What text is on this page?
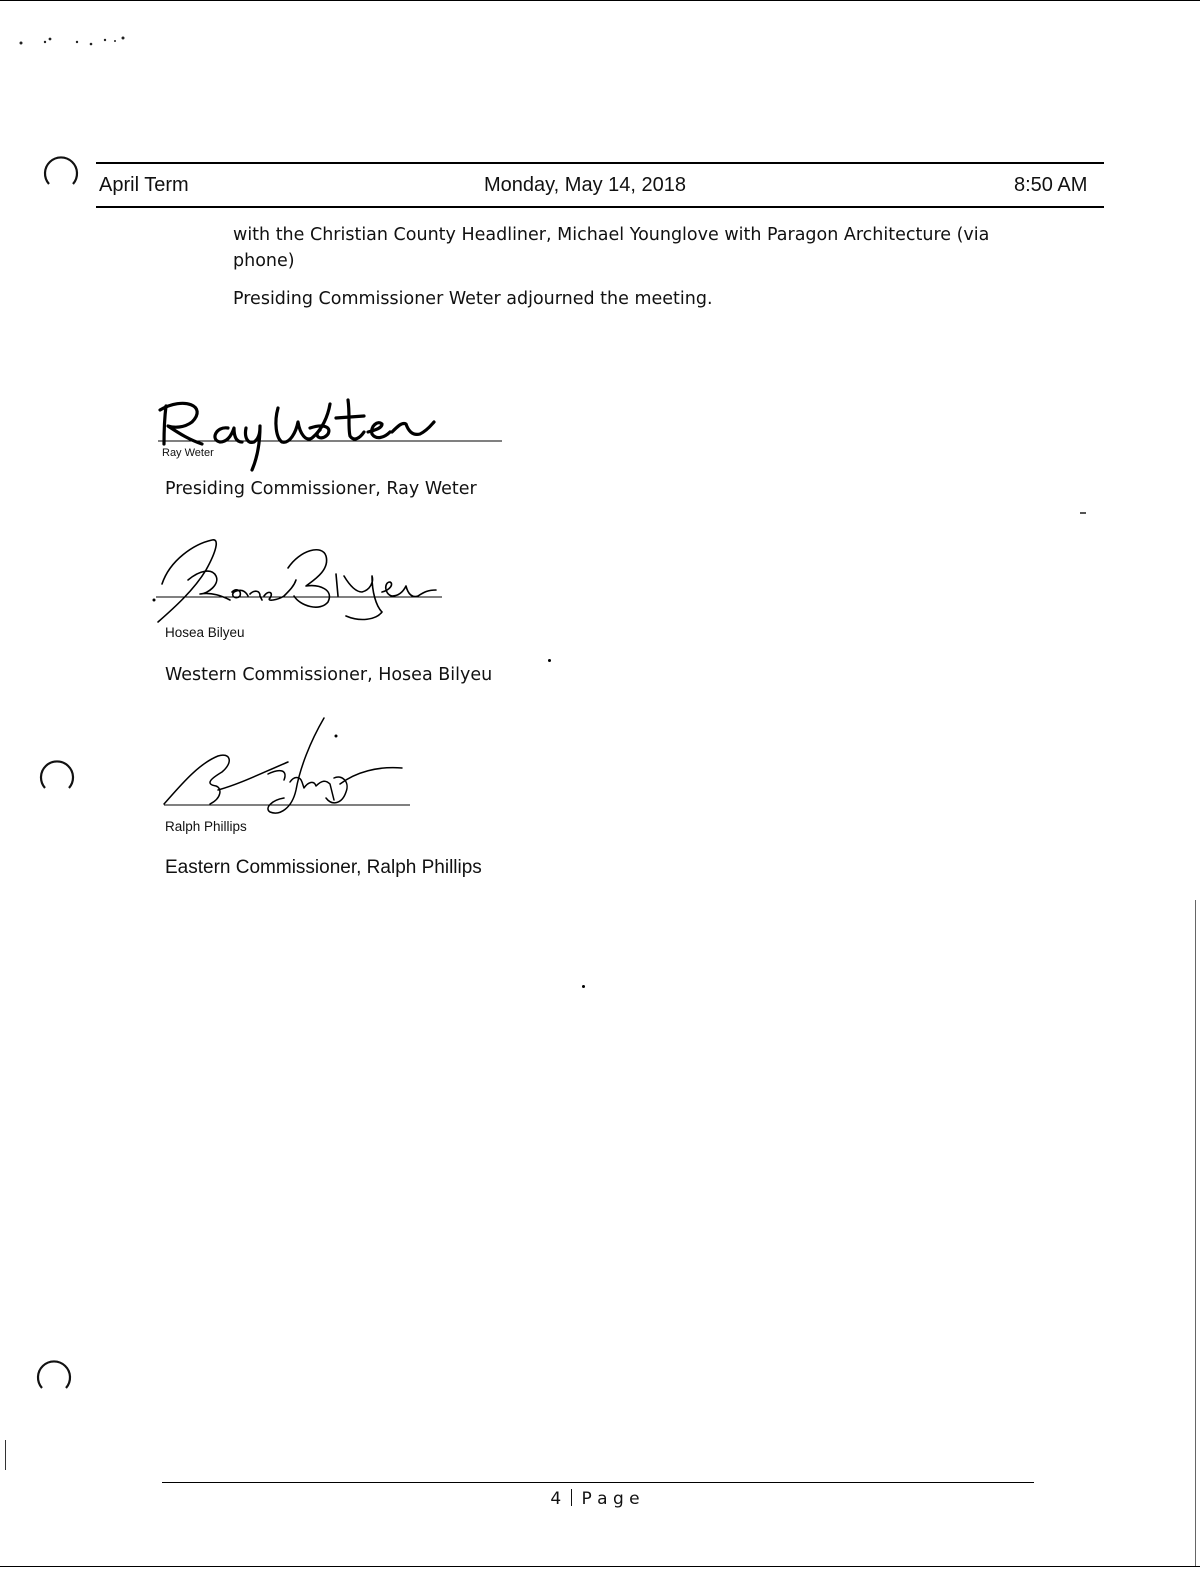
April Term	Monday, May 14, 2018	8:50 AM
with the Christian County Headliner, Michael Younglove with Paragon Architecture (via phone)
Presiding Commissioner Weter adjourned the meeting.
Ray Weter
Presiding Commissioner, Ray Weter
Hosea Bilyeu
Western Commissioner, Hosea Bilyeu
Ralph Phillips
Eastern Commissioner, Ralph Phillips
4 P a g e
